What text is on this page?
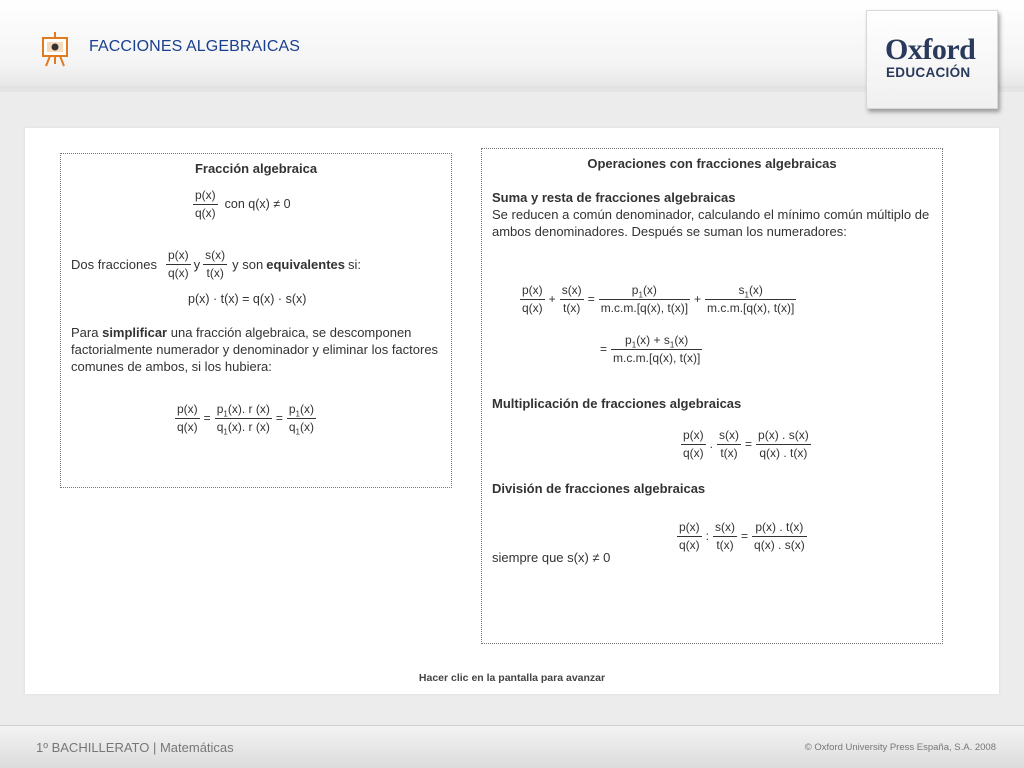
FACCIONES ALGEBRAICAS	Oxford
EDUCACIÓN
Fracción algebraica
$\frac{p(x)}{q(x)}$ con q(x) ≠ 0
Dos fracciones $\frac{p(x)}{q(x)}$ y $\frac{s(x)}{t(x)}$ y son equivalentes si:
p(x) · t(x) = q(x) · s(x)
Para simplificar una fracción algebraica, se descomponen factorialmente numerador y denominador y eliminar los factores comunes de ambos, si los hubiera:
$\frac{p(x)}{q(x)} = \frac{p_1(x). r (x)}{q_1(x). r (x)} = \frac{p_1(x)}{q_1(x)}$
Operaciones con fracciones algebraicas
Suma y resta de fracciones algebraicas
Se reducen a común denominador, calculando el mínimo común múltiplo de ambos denominadores. Después se suman los numeradores:
$\frac{p(x)}{q(x)} + \frac{s(x)}{t(x)} = \frac{p_1(x)}{m.c.m.[q(x), t(x)]} + \frac{s_1(x)}{m.c.m.[q(x), t(x)]}$
= $\frac{p_1(x) + s_1(x)}{m.c.m.[q(x), t(x)]}$
Multiplicación de fracciones algebraicas
$\frac{p(x)}{q(x)}$ . $\frac{s(x)}{t(x)} = \frac{p(x) . s(x)}{q(x) . t(x)}$
División de fracciones algebraicas
$\frac{p(x)}{q(x)}$ : $\frac{s(x)}{t(x)} = \frac{p(x) . t(x)}{q(x) . s(x)}$
siempre que s(x) ≠ 0
Hacer clic en la pantalla para avanzar
1º BACHILLERATO | Matemáticas	© Oxford University Press España, S.A. 2008
